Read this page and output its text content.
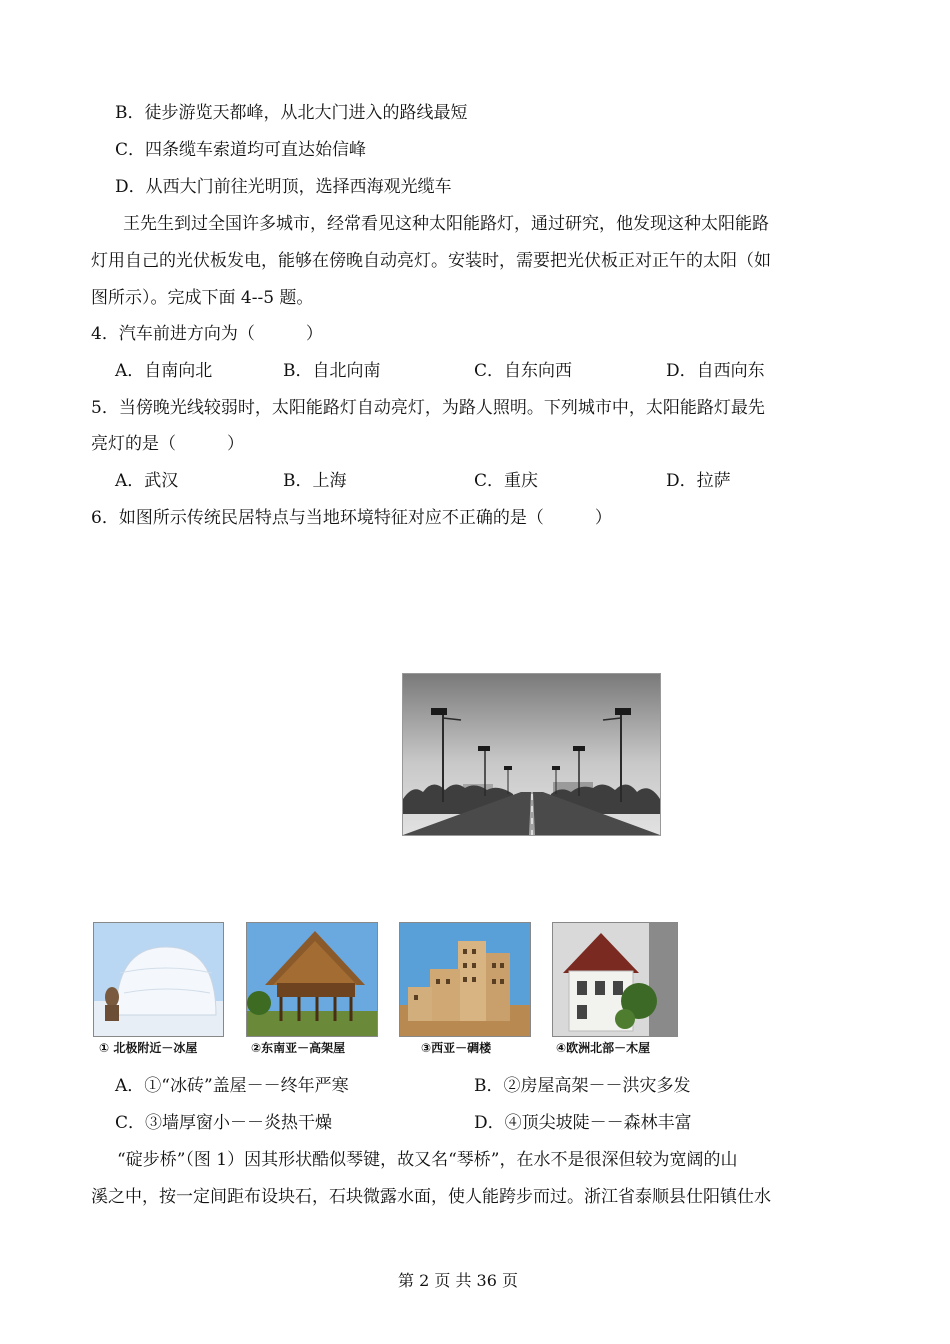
B．徒步游览天都峰，从北大门进入的路线最短
C．四条缆车索道均可直达始信峰
D．从西大门前往光明顶，选择西海观光缆车
王先生到过全国许多城市，经常看见这种太阳能路灯，通过研究，他发现这种太阳能路
灯用自己的光伏板发电，能够在傍晚自动亮灯。安装时，需要把光伏板正对正午的太阳（如
图所示）。完成下面 4--5 题。
4．汽车前进方向为（　　　）
A．自南向北	B．自北向南	C．自东向西	D．自西向东
5．当傍晚光线较弱时，太阳能路灯自动亮灯，为路人照明。下列城市中，太阳能路灯最先
亮灯的是（　　　）
A．武汉	B．上海	C．重庆	D．拉萨
6．如图所示传统民居特点与当地环境特征对应不正确的是（　　　）
① 北极附近－冰屋	②东南亚－高架屋	③西亚－碉楼	④欧洲北部－木屋
A．①“冰砖”盖屋－－终年严寒	B．②房屋高架－－洪灾多发
C．③墙厚窗小－－炎热干燥	D．④顶尖坡陡－－森林丰富
“碇步桥”（图 1）因其形状酷似琴键，故又名“琴桥”，在水不是很深但较为宽阔的山
溪之中，按一定间距布设块石，石块微露水面，使人能跨步而过。浙江省泰顺县仕阳镇仕水
第 2 页 共 36 页
